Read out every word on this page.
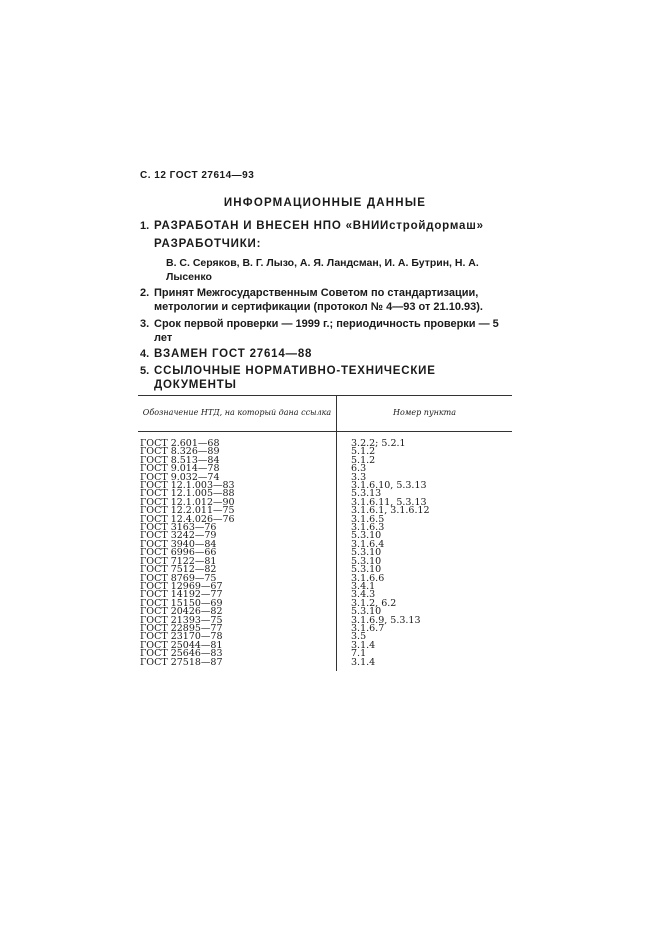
С. 12 ГОСТ 27614—93
ИНФОРМАЦИОННЫЕ ДАННЫЕ
1. РАЗРАБОТАН И ВНЕСЕН НПО «ВНИИстройдормаш»
РАЗРАБОТЧИКИ:
В. С. Серяков, В. Г. Лызо, А. Я. Ландсман, И. А. Бутрин, Н. А. Лысенко
2. Принят Межгосударственным Советом по стандартизации, метрологии и сертификации (протокол № 4—93 от 21.10.93).
3. Срок первой проверки — 1999 г.; периодичность проверки — 5 лет
4. ВЗАМЕН ГОСТ 27614—88
5. ССЫЛОЧНЫЕ НОРМАТИВНО-ТЕХНИЧЕСКИЕ ДОКУМЕНТЫ
Обозначение НТД, на который дана ссылка	Номер пункта
ГОСТ 2.601—68	3.2.2; 5.2.1
ГОСТ 8.326—89	5.1.2
ГОСТ 8.513—84	5.1.2
ГОСТ 9.014—78	6.3
ГОСТ 9.032—74	3.3
ГОСТ 12.1.003—83	3.1.6.10, 5.3.13
ГОСТ 12.1.005—88	5.3.13
ГОСТ 12.1.012—90	3.1.6.11, 5.3.13
ГОСТ 12.2.011—75	3.1.6.1, 3.1.6.12
ГОСТ 12.4.026—76	3.1.6.5
ГОСТ 3163—76	3.1.6.3
ГОСТ 3242—79	5.3.10
ГОСТ 3940—84	3.1.6.4
ГОСТ 6996—66	5.3.10
ГОСТ 7122—81	5.3.10
ГОСТ 7512—82	5.3.10
ГОСТ 8769—75	3.1.6.6
ГОСТ 12969—67	3.4.1
ГОСТ 14192—77	3.4.3
ГОСТ 15150—69	3.1.2, 6.2
ГОСТ 20426—82	5.3.10
ГОСТ 21393—75	3.1.6.9, 5.3.13
ГОСТ 22895—77	3.1.6.7
ГОСТ 23170—78	3.5
ГОСТ 25044—81	3.1.4
ГОСТ 25646—83	7.1
ГОСТ 27518—87	3.1.4
